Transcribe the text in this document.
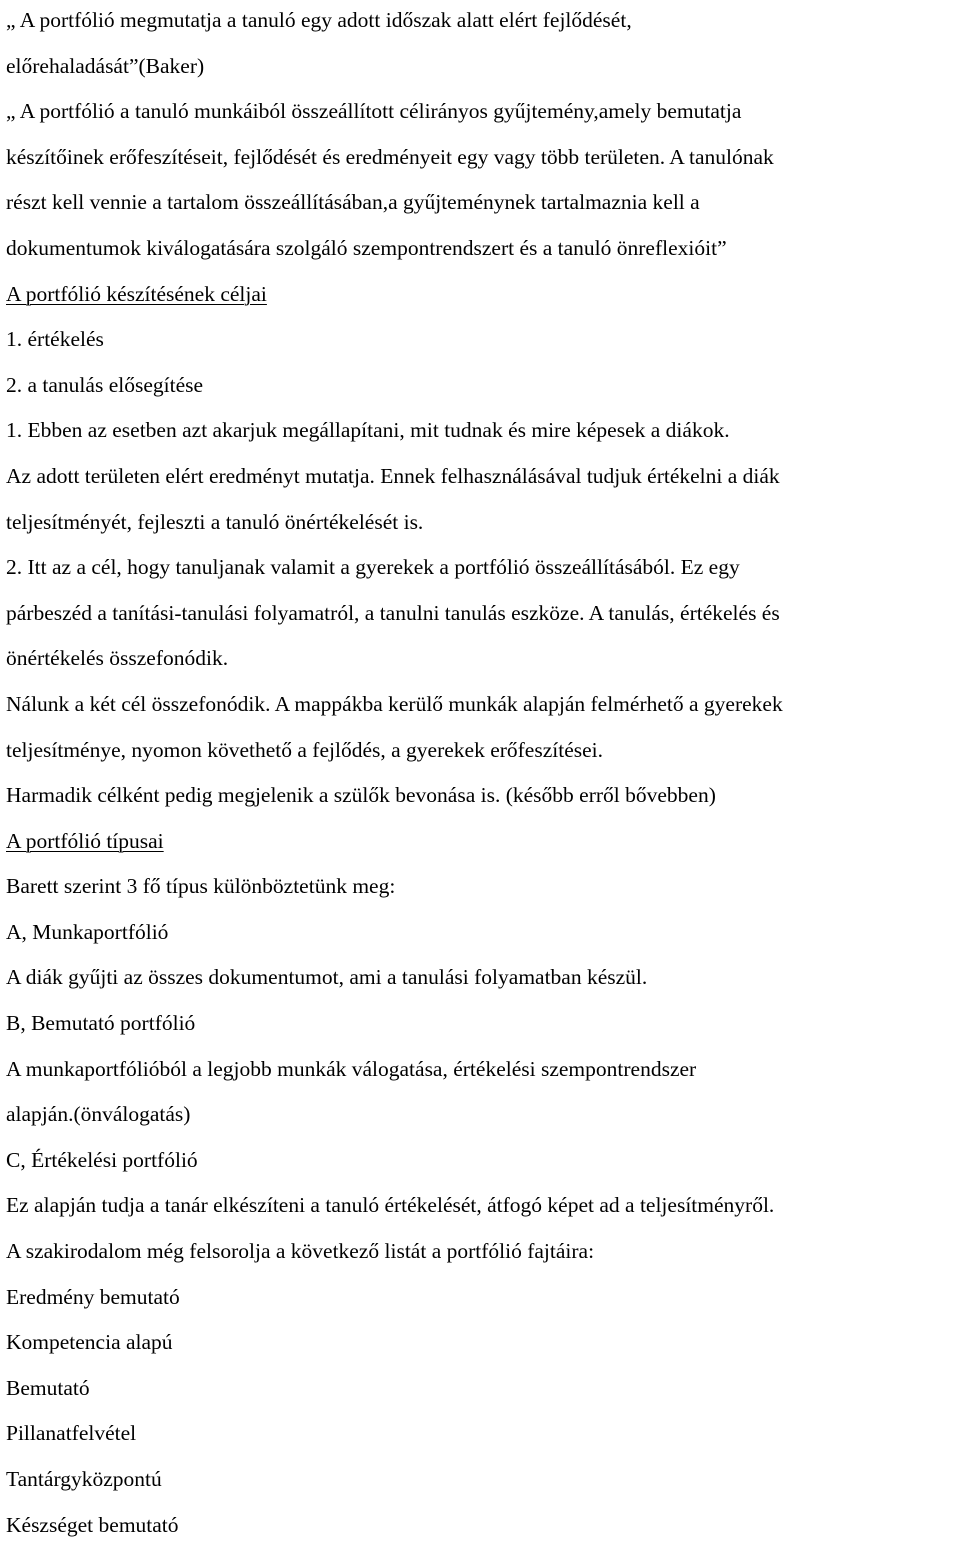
„ A portfólió megmutatja a tanuló egy adott időszak alatt elért fejlődését,
előrehaladását”(Baker)
„ A portfólió a tanuló munkáiból összeállított célirányos gyűjtemény,amely bemutatja
készítőinek erőfeszítéseit, fejlődését és eredményeit egy vagy több területen. A tanulónak
részt kell vennie a tartalom összeállításában,a gyűjteménynek tartalmaznia kell a
dokumentumok kiválogatására szolgáló szempontrendszert és a tanuló önreflexióit”
A portfólió készítésének céljai
1. értékelés
2. a tanulás elősegítése
1. Ebben az esetben azt akarjuk megállapítani, mit tudnak és mire képesek a diákok.
Az adott területen elért eredményt mutatja. Ennek felhasználásával tudjuk értékelni a diák
teljesítményét, fejleszti a tanuló önértékelését is.
2. Itt az a cél, hogy tanuljanak valamit a gyerekek a portfólió összeállításából. Ez egy
párbeszéd a tanítási-tanulási folyamatról, a tanulni tanulás eszköze. A tanulás, értékelés és
önértékelés összefonódik.
Nálunk a két cél összefonódik. A mappákba kerülő munkák alapján felmérhető a gyerekek
teljesítménye, nyomon követhető a fejlődés, a gyerekek erőfeszítései.
Harmadik célként pedig megjelenik a szülők bevonása is. (később erről bővebben)
A portfólió típusai
Barett szerint 3 fő típus különböztetünk meg:
A, Munkaportfólió
A diák gyűjti az összes dokumentumot, ami a tanulási folyamatban készül.
B, Bemutató portfólió
A munkaportfólióból a legjobb munkák válogatása, értékelési szempontrendszer
alapján.(önválogatás)
C, Értékelési portfólió
Ez alapján tudja a tanár elkészíteni a tanuló értékelését, átfogó képet ad a teljesítményről.
A szakirodalom még felsorolja a következő listát a portfólió fajtáira:
Eredmény bemutató
Kompetencia alapú
Bemutató
Pillanatfelvétel
Tantárgyközpontú
Készséget bemutató
